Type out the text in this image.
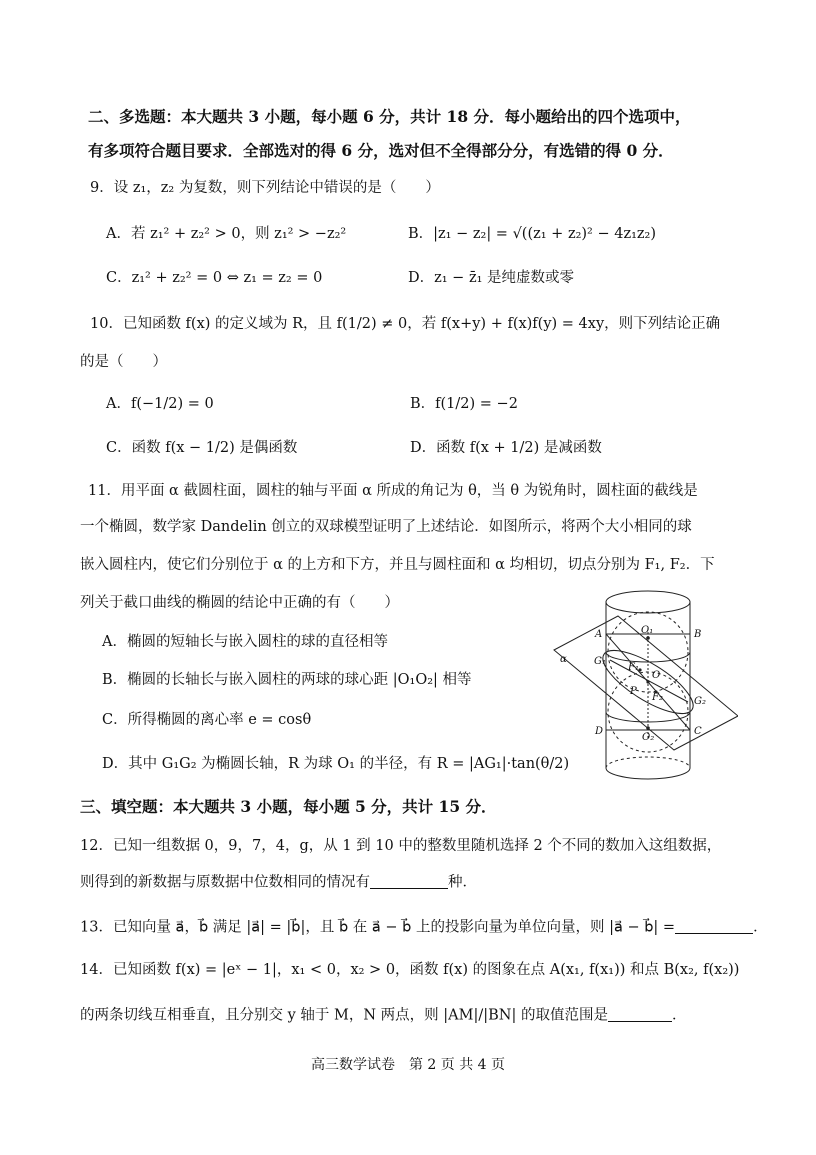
二、多选题：本大题共 3 小题，每小题 6 分，共计 18 分．每小题给出的四个选项中，
有多项符合题目要求．全部选对的得 6 分，选对但不全得部分分，有选错的得 0 分．
9．设 z₁，z₂ 为复数，则下列结论中错误的是（　　）
A．若 z₁² + z₂² > 0，则 z₁² > −z₂²	B．|z₁ − z₂| = √((z₁ + z₂)² − 4z₁z₂)
C．z₁² + z₂² = 0 ⇔ z₁ = z₂ = 0	D．z₁ − z̄₁ 是纯虚数或零
10．已知函数 f(x) 的定义域为 R，且 f(1/2) ≠ 0，若 f(x+y) + f(x)f(y) = 4xy，则下列结论正确
的是（　　）
A．f(−1/2) = 0	B．f(1/2) = −2
C．函数 f(x − 1/2) 是偶函数	D．函数 f(x + 1/2) 是减函数
11．用平面 α 截圆柱面，圆柱的轴与平面 α 所成的角记为 θ，当 θ 为锐角时，圆柱面的截线是
一个椭圆，数学家 Dandelin 创立的双球模型证明了上述结论．如图所示，将两个大小相同的球
嵌入圆柱内，使它们分别位于 α 的上方和下方，并且与圆柱面和 α 均相切，切点分别为 F₁, F₂．下
列关于截口曲线的椭圆的结论中正确的有（　　）
A．椭圆的短轴长与嵌入圆柱的球的直径相等
B．椭圆的长轴长与嵌入圆柱的两球的球心距 |O₁O₂| 相等
C．所得椭圆的离心率 e = cosθ
D．其中 G₁G₂ 为椭圆长轴，R 为球 O₁ 的半径，有 R = |AG₁|·tan(θ/2)
A	B
O₁
G₁
F₁
O
F₂
P
G₂
D	C
O₂
α
三、填空题：本大题共 3 小题，每小题 5 分，共计 15 分．
12．已知一组数据 0，9，7，4，g，从 1 到 10 中的整数里随机选择 2 个不同的数加入这组数据，
则得到的新数据与原数据中位数相同的情况有	种．
13．已知向量 a⃗，b⃗ 满足 |a⃗| = |b⃗|，且 b⃗ 在 a⃗ − b⃗ 上的投影向量为单位向量，则 |a⃗ − b⃗| =	．
14．已知函数 f(x) = |eˣ − 1|，x₁ < 0，x₂ > 0，函数 f(x) 的图象在点 A(x₁, f(x₁)) 和点 B(x₂, f(x₂))
的两条切线互相垂直，且分别交 y 轴于 M，N 两点，则 |AM|/|BN| 的取值范围是	．
高三数学试卷　第 2 页 共 4 页
